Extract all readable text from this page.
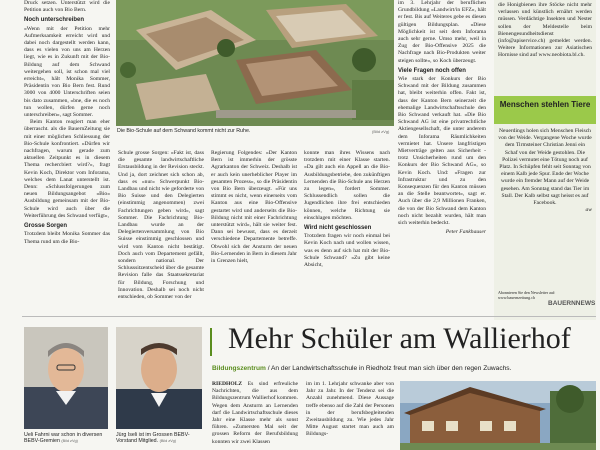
Druck setzen. Unterstützt wird die Petition auch von Bio Bern.

Noch unterschreiben

«Wenn mit der Petition mehr Aufmerksamkeit erreicht wird und dabei noch dargestellt werden kann, dass es vielen von uns am Herzen liegt, wie es in Zukunft mit der Bio-Bildung auf dem Schwand weitergehen soll, ist schon mal viel erreicht», hält Monika Sommer, Präsidentin von Bio Bern fest. Rund 3000 von 4000 Unterschriften seien bis dato zusammen, «bne, die es noch tun wollen, dürfen gerne noch unterschreiben», sagt Sommer.

Beim Kanton reagiert man eher überrascht. als die BauernZeitung sie mit einer möglichen Schliessung der Bio-Schule konfrontiert. «Dürfen wir nachfragen, warum gerade zum aktuellen Zeitpunkt es in diesem Thema rechercbiert wird?», fragt Kevin Koch, Direktor vom Inforama, welches dem Lanat unterstellt ist. Denn: «Schlussfolgerungen zum neuen Bildungsangebot «Bio» Ausbildung gemeinsam mit der Bio-Schule wird auch über die Weiterführung des Schwand verfügt»,

Grosse Sorgen

Trotzdem bleibt Monika Sommer das Thema rund um die Bio-

Die Bio-Schule auf dem Schwand kommt nicht zur Ruhe.	(Bild zVg)

im 3. Lehrjahr der beruflichen Grundbildung «Landwirt/in EFZ», hält er fest. Bis auf Weiteres gebe es diesen gültigen Bildungsplan. «Diese Möglichkeit ist seit dem Inforama auch sehr gerne. Umso mehr, weil in Zug der Bio-Offensive 2025 die Nachfrage nach Bio-Produkten weiter steigen sollte», so Koch überzeugt.

Viele Fragen noch offen

Wie stark der Konkurs der Bio Schwand mit der Bildung zusammen hat, bleibt weiterhin offen. Fakt ist, dass der Kanton Bern seinerzeit die ehemalige Landwirtschaftsschule den Bio Schwand verkauft hat. «Die Bio Schwand AG ist eine privatrechtliche Aktiengesellschaft, die unter anderem dem Inforama Räumlichkeiten vermietet hat. Unsere langfristigen Mietverträge gelten aus Sicherheit - trotz Unsicherheiten rund um den Konkurs der Bio Schwand AG», so Kevin Koch. Und: «Fragen zur Infrastruktur und zu den Konsequenzen für den Kanton müssen an die Stelle beantwortet», sagt er. Auch über die 2,9 Millionen Franken, die von der Bio Schwand dem Kanton noch nicht bezahlt wurden, hält man sich weiterhin bedeckt.

Peter Fankhauser

Schule grosse Sorgen: «Fakt ist, dass die gesamte landwirtschaftliche Erstausbildung in der Revision steckt. Und ja, dort zeichnet sich schon ab, dass es «nur» Schwerpunkt Bio-Landbau und nicht wie geforderte von Bio Suisse und den Delegierten (einstimmig angenommen) zwei Fachrichtungen geben wird», sagt Sommer. Die Fachrichtung Bio-Landbau wurde an der Delegiertenversammlung von Bio Suisse einstimmig geschlossen und wird vom Kanton nicht bestätigt. Doch auch vom Departement gefällt, sondern national. Der Schlusssitzentscheid über die gesamte Revision falle das Staatssekretariat für Bildung, Forschung und Innovation. Deshalb sei noch nicht entschieden, ob Sommer von der

Regierung Folgendes: «Der Kanton Bern ist immerhin der grösste Agrarkanton der Schweiz. Deshalb ist er auch kein unerheblicher Player im gesamten Prozess», so die Präsidentin von Bio Bern überzeugt. «Für uns stimmt es nicht, wenn einerseits vom Kanton aus eine Bio-Offensive gestartet wird und anderseits die Bio-Bildung nicht mit einer Fachrichtung unterstützt wird», hält sie weiter fest. Dann sei bewusst, dass es derzeit verschiedene Departemente betreffe. Obwohl sich der Ansturm der neuen Bio-Lernenden in Bern in diesem Jahr in Grenzen hielt,

konnte man ihres Wissens nach trotzdem mit einer Klasse starten. «Da gilt auch ein Appell an die Bio-Ausbildungsbetriebe, den zukünftigen Lernenden die Bio-Schule ans Herzen zu legen», fordert Sommer. Schlussendlich sollen die Jugendlichen ihre frei entschieden können, welche Richtung sie einschlagen möchten.

Wird nicht geschlossen

Trotzdem fragen wir noch einmal bei Kevin Koch nach und wollen wissen, was es denn auf sich hat mit der Bio-Schule Schwand? «Zu gibt keine Absicht,

die Honigbienen ihre Stöcke nicht mehr verlassen und künstlich ernährt werden müssen. Verdächtige Insekten und Nester sollen der Meldestelle beim Bienengesundheitsdienst (info@apiservice.ch) gemeldet werden. Weitere Informationen zur Asiatischen Hornisse sind auf www.neobiota.bl.ch.

Menschen stehlen Tiere

Neuerdings holen sich Menschen Fleisch von der Weide. Vergangene Woche wurde dem Tirmsteiner Christian Jenni ein Schaf von der Weide gestohlen. Die Polizei vermutet eine Tötung noch auf Platz. In Schüpfen fehlt seit Sonntag von einem Kalb jede Spur. Ende der Woche wurde ein fremder Mann auf der Weide gesehen. Am Sonntag stand das Tier im Stall. Der Kalb selbst sagt heisst es auf Facebook.

aw

Abonnieren Sie den Newsletter auf: www.bauernzeitung.ch
BAUERNNEWS
Ueli Fahrni war schon in diversen BEBV-Gremien (Bild zVg)
Jürg Iseli ist im Grossen BEBV-Vorstand Mitglied. (Bild zVg)
Mehr Schüler am Wallierhof
Bildungszentrum / An der Landwirtschaftsschule in Riedholz freut man sich über den regen Zuwachs.

RIEDHOLZ Es sind erfreuliche Nachrichten, die aus dem Bildungszentrum Wallierhof kommen. Wegen dem Ansturm an Lernenden darf die Landwirtschaftsschule dieses Jahr eine Klasse mehr als sonst führen. «Zumersten Mal seit der grossen Reform der Berufsbildung konnten wir zwei Klassen

im im 1. Lehrjahr schwanke aber von Jahr zu Jahr. In der Tendenz sei die Anzahl zunehmend. Diese Aussage treffe ebenso auf die Zahl der Personen in der berufsbegleitenden Zweitausbildung zu. Wie jedes Jahr Mitte August startet man auch am Bildungs-
